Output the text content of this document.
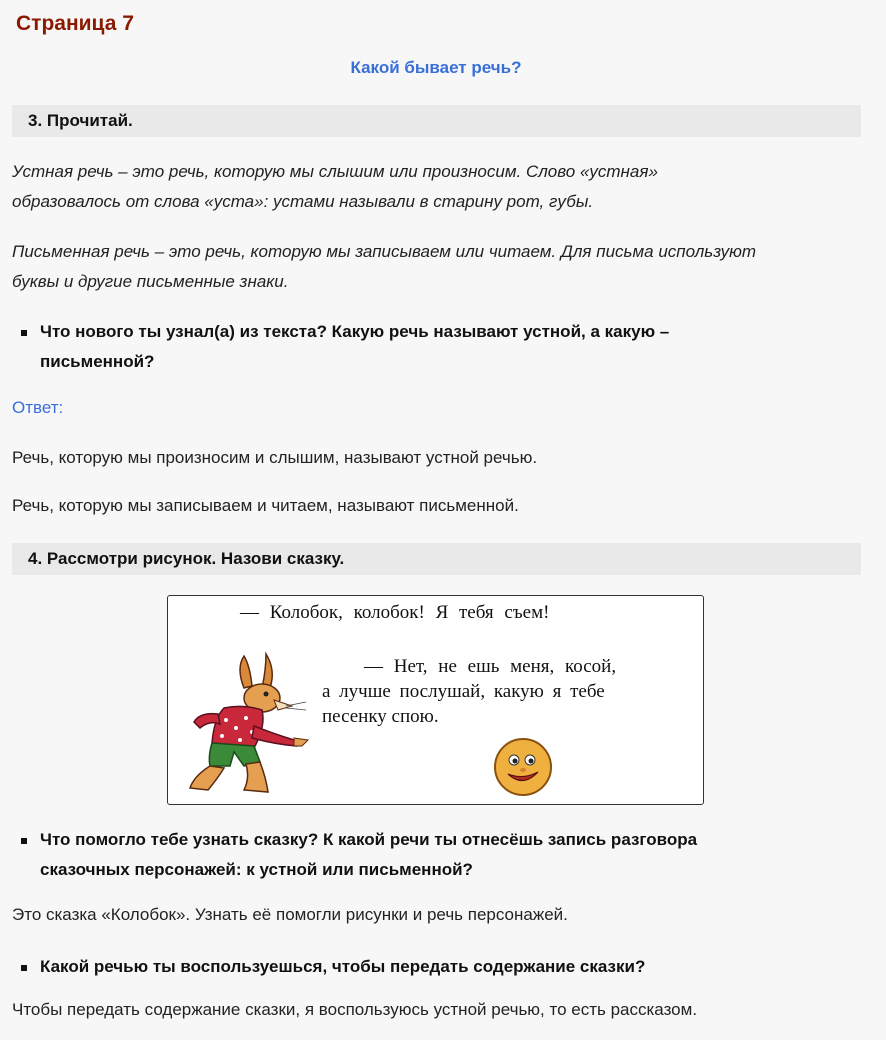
Страница 7
Какой бывает речь?
3. Прочитай.
Устная речь – это речь, которую мы слышим или произносим. Слово «устная»
образовалось от слова «уста»: устами называли в старину рот, губы.
Письменная речь – это речь, которую мы записываем или читаем. Для письма используют
буквы и другие письменные знаки.
Что нового ты узнал(а) из текста? Какую речь называют устной, а какую –
письменной?
Ответ:
Речь, которую мы произносим и слышим, называют устной речью.
Речь, которую мы записываем и читаем, называют письменной.
4. Рассмотри рисунок. Назови сказку.
— Колобок, колобок! Я тебя съем!
— Нет, не ешь меня, косой,
а лучше послушай, какую я тебе
песенку спою.
Что помогло тебе узнать сказку? К какой речи ты отнесёшь запись разговора
сказочных персонажей: к устной или письменной?
Это сказка «Колобок». Узнать её помогли рисунки и речь персонажей.
Какой речью ты воспользуешься, чтобы передать содержание сказки?
Чтобы передать содержание сказки, я воспользуюсь устной речью, то есть рассказом.
